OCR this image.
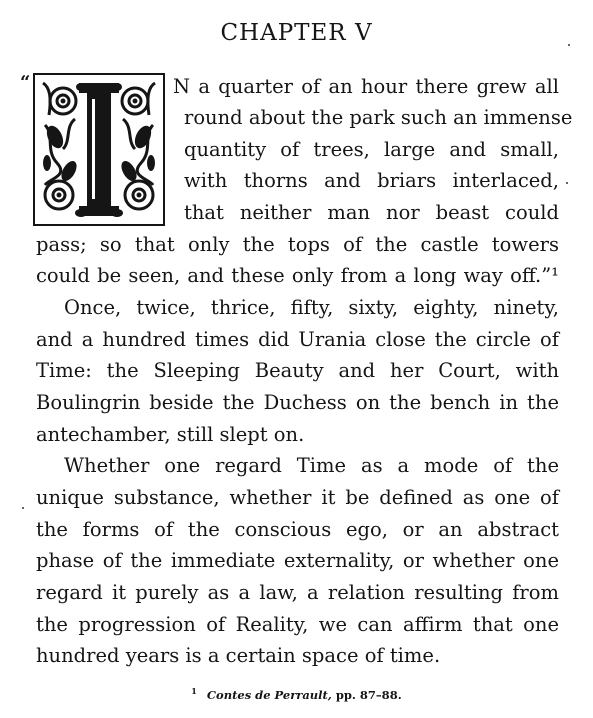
CHAPTER V
“	N a quarter of an hour there grew all
round about the park such an immense
quantity of trees, large and small,
with thorns and briars interlaced,
that neither man nor beast could
pass; so that only the tops of the castle towers
could be seen, and these only from a long way off.”¹
Once, twice, thrice, fifty, sixty, eighty, ninety,
and a hundred times did Urania close the circle of
Time: the Sleeping Beauty and her Court, with
Boulingrin beside the Duchess on the bench in the
antechamber, still slept on.
Whether one regard Time as a mode of the
unique substance, whether it be defined as one of
the forms of the conscious ego, or an abstract
phase of the immediate externality, or whether one
regard it purely as a law, a relation resulting from
the progression of Reality, we can affirm that one
hundred years is a certain space of time.
$^1$ Contes de Perrault, pp. 87–88.
